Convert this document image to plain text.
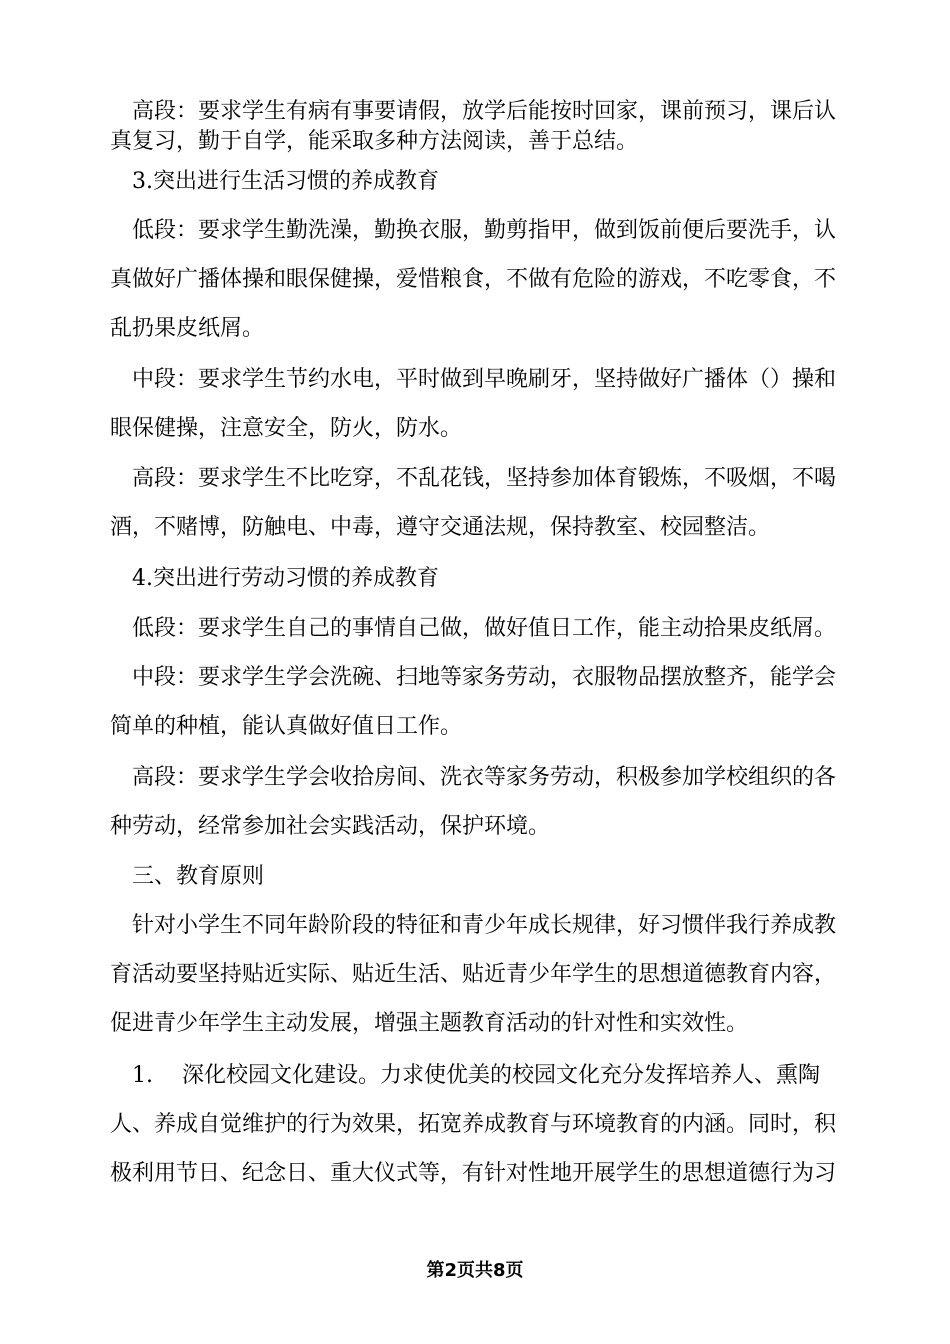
　高段：要求学生有病有事要请假，放学后能按时回家，课前预习，课后认
真复习，勤于自学，能采取多种方法阅读，善于总结。
　3.突出进行生活习惯的养成教育
　低段：要求学生勤洗澡，勤换衣服，勤剪指甲，做到饭前便后要洗手，认
真做好广播体操和眼保健操，爱惜粮食，不做有危险的游戏，不吃零食，不
乱扔果皮纸屑。
　中段：要求学生节约水电，平时做到早晚刷牙，坚持做好广播体（）操和
眼保健操，注意安全，防火，防水。
　高段：要求学生不比吃穿，不乱花钱，坚持参加体育锻炼，不吸烟，不喝
酒，不赌博，防触电、中毒，遵守交通法规，保持教室、校园整洁。
　4.突出进行劳动习惯的养成教育
　低段：要求学生自己的事情自己做，做好值日工作，能主动拾果皮纸屑。
　中段：要求学生学会洗碗、扫地等家务劳动，衣服物品摆放整齐，能学会
简单的种植，能认真做好值日工作。
　高段：要求学生学会收拾房间、洗衣等家务劳动，积极参加学校组织的各
种劳动，经常参加社会实践活动，保护环境。
　三、教育原则
　针对小学生不同年龄阶段的特征和青少年成长规律，好习惯伴我行养成教
育活动要坚持贴近实际、贴近生活、贴近青少年学生的思想道德教育内容，
促进青少年学生主动发展，增强主题教育活动的针对性和实效性。
　1.　 深化校园文化建设。力求使优美的校园文化充分发挥培养人、熏陶
人、养成自觉维护的行为效果，拓宽养成教育与环境教育的内涵。同时，积
极利用节日、纪念日、重大仪式等，有针对性地开展学生的思想道德行为习
第2页共8页
